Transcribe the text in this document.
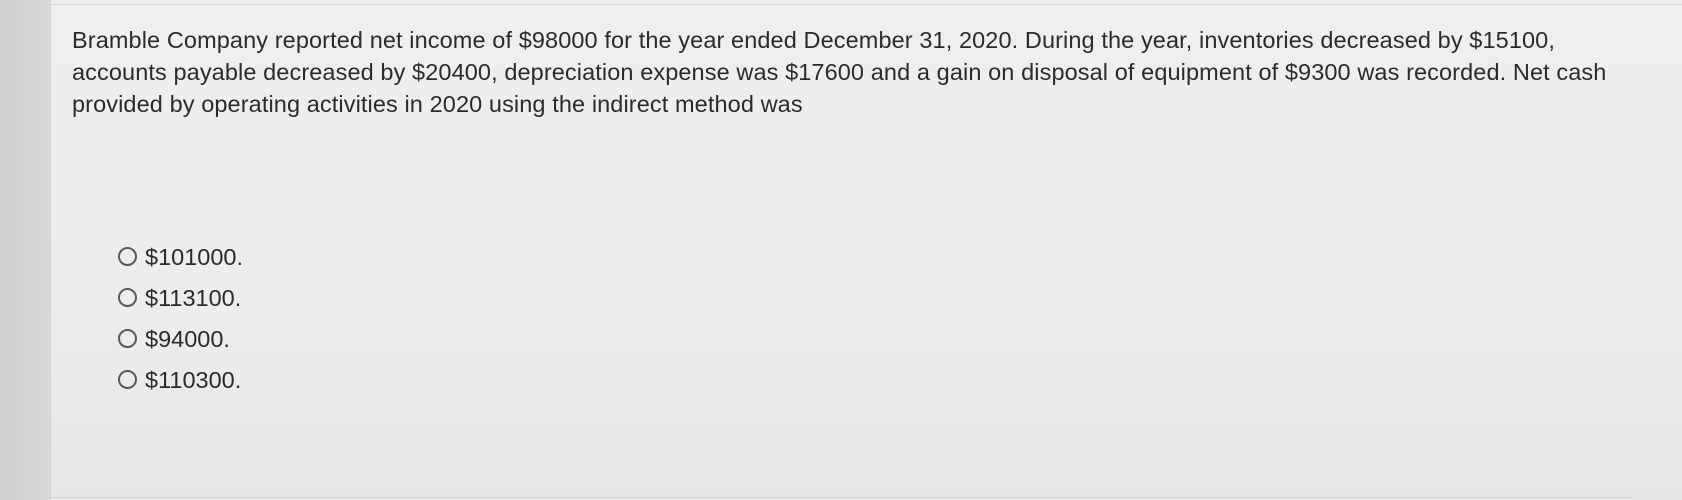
Bramble Company reported net income of $98000 for the year ended December 31, 2020. During the year, inventories decreased by $15100, accounts payable decreased by $20400, depreciation expense was $17600 and a gain on disposal of equipment of $9300 was recorded. Net cash provided by operating activities in 2020 using the indirect method was

$101000.
$113100.
$94000.
$110300.
